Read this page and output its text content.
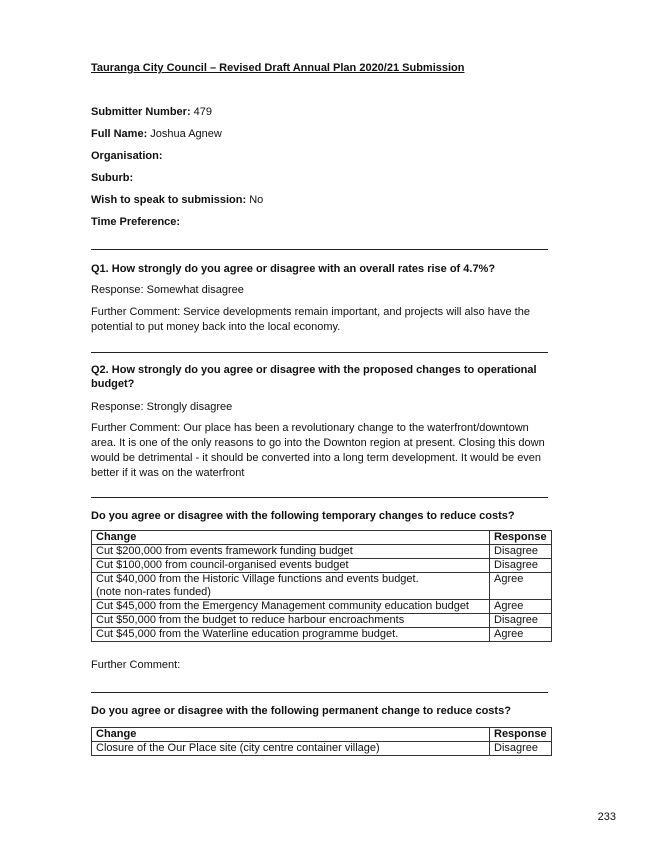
Tauranga City Council – Revised Draft Annual Plan 2020/21 Submission
Submitter Number: 479
Full Name: Joshua Agnew
Organisation:
Suburb:
Wish to speak to submission: No
Time Preference:
Q1. How strongly do you agree or disagree with an overall rates rise of 4.7%?
Response: Somewhat disagree
Further Comment: Service developments remain important, and projects will also have the potential to put money back into the local economy.
Q2. How strongly do you agree or disagree with the proposed changes to operational budget?
Response: Strongly disagree
Further Comment: Our place has been a revolutionary change to the waterfront/downtown area. It is one of the only reasons to go into the Downton region at present. Closing this down would be detrimental - it should be converted into a long term development. It would be even better if it was on the waterfront
Do you agree or disagree with the following temporary changes to reduce costs?
Change	Response
Cut $200,000 from events framework funding budget	Disagree
Cut $100,000 from council-organised events budget	Disagree
Cut $40,000 from the Historic Village functions and events budget.
(note non-rates funded)	Agree
Cut $45,000 from the Emergency Management community education budget	Agree
Cut $50,000 from the budget to reduce harbour encroachments	Disagree
Cut $45,000 from the Waterline education programme budget.	Agree
Further Comment:
Do you agree or disagree with the following permanent change to reduce costs?
Change	Response
Closure of the Our Place site (city centre container village)	Disagree
233
